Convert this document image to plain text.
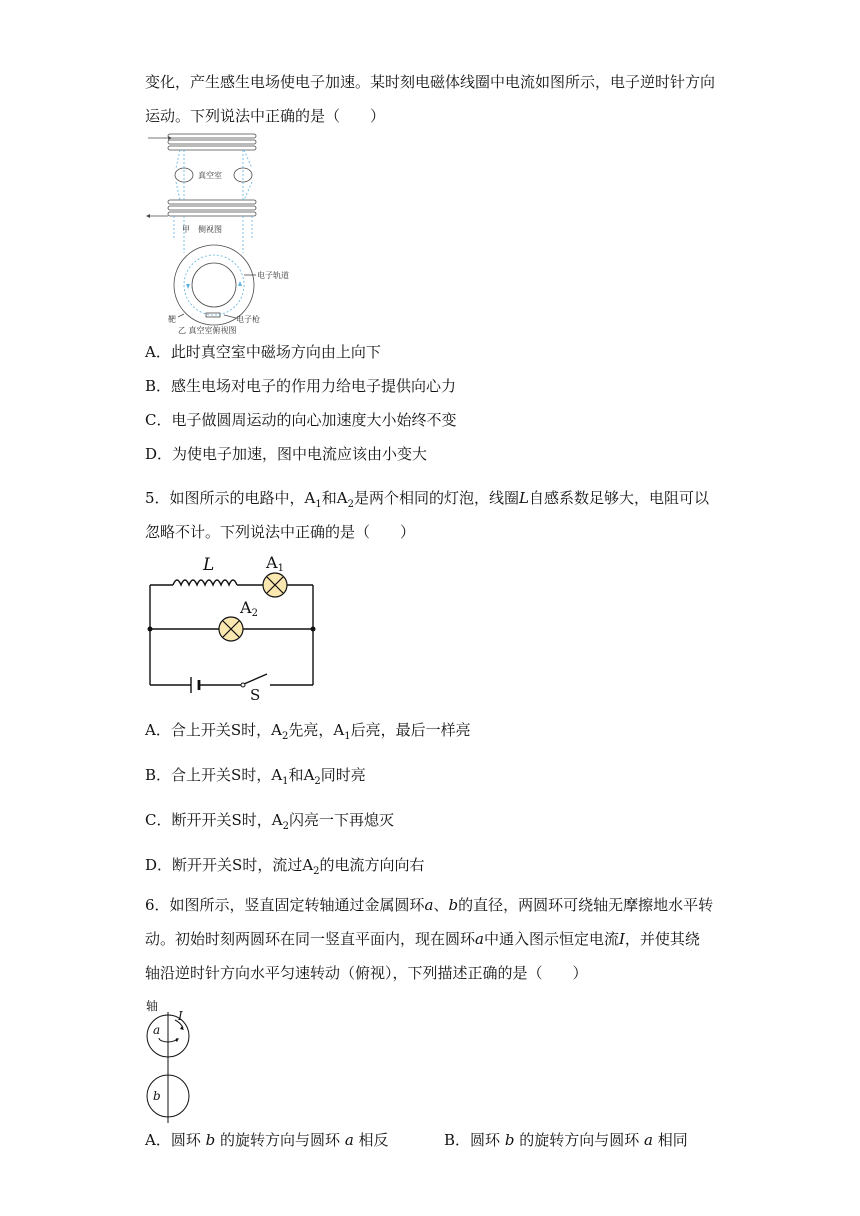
变化，产生感生电场使电子加速。某时刻电磁体线圈中电流如图所示，电子逆时针方向
运动。下列说法中正确的是（　　）
真空室
甲　侧视图
电子轨道
靶	电子枪
乙 真空室俯视图
A．此时真空室中磁场方向由上向下
B．感生电场对电子的作用力给电子提供向心力
C．电子做圆周运动的向心加速度大小始终不变
D．为使电子加速，图中电流应该由小变大
5．如图所示的电路中，$A_1$和$A_2$是两个相同的灯泡，线圈L自感系数足够大，电阻可以
忽略不计。下列说法中正确的是（　　）
L	A1
A2
S
A．合上开关S时，$A_2$先亮，$A_1$后亮，最后一样亮
B．合上开关S时，$A_1$和$A_2$同时亮
C．断开开关S时，$A_2$闪亮一下再熄灭
D．断开开关S时，流过$A_2$的电流方向向右
6．如图所示，竖直固定转轴通过金属圆环a、b的直径，两圆环可绕轴无摩擦地水平转
动。初始时刻两圆环在同一竖直平面内，现在圆环a中通入图示恒定电流I，并使其绕
轴沿逆时针方向水平匀速转动（俯视），下列描述正确的是（　　）
轴
I
a
b
A．圆环 b 的旋转方向与圆环 a 相反	B．圆环 b 的旋转方向与圆环 a 相同
